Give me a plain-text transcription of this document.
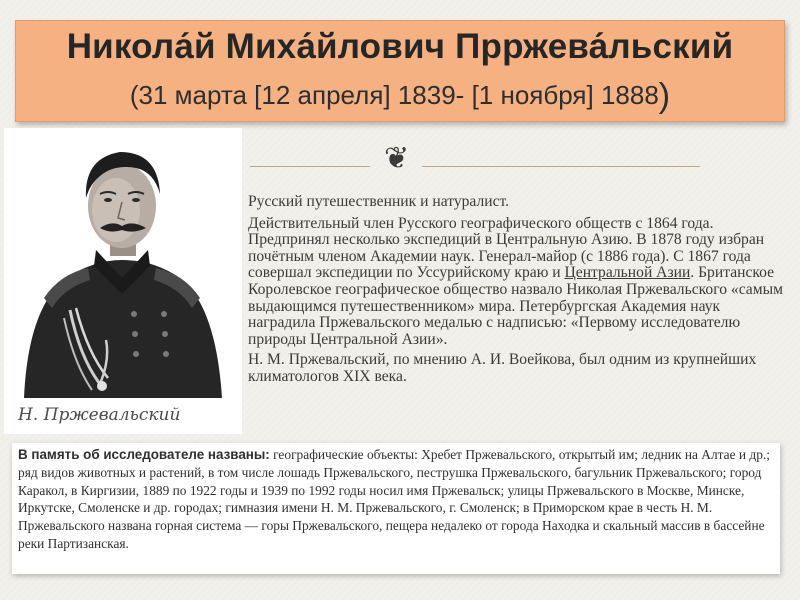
Никола́й Миха́йлович Прржева́льский
(31 марта [12 апреля] 1839- [1 ноября] 1888)
Н. Пржевальский
❦

Русский путешественник и натуралист.

Действительный член Русского географического обществ с 1864 года. Предпринял несколько экспедиций в Центральную Азию. В 1878 году избран почётным членом Академии наук. Генерал-майор (с 1886 года). С 1867 года совершал экспедиции по Уссурийскому краю и Центральной Азии. Британское Королевское географическое общество назвало Николая Пржевальского «самым выдающимся путешественником» мира. Петербургская Академия наук наградила Пржевальского медалью с надписью: «Первому исследователю природы Центральной Азии».

Н. М. Пржевальский, по мнению А. И. Воейкова, был одним из крупнейших климатологов XIX века.

В память об исследователе названы: географические объекты: Хребет Пржевальского, открытый им; ледник на Алтае и др.; ряд видов животных и растений, в том числе лошадь Пржевальского, пеструшка Пржевальского, багульник Пржевальского; город Каракол, в Киргизии, 1889 по 1922 годы и 1939 по 1992 годы носил имя Пржевальск; улицы Пржевальского в Москве, Минске, Иркутске, Смоленске и др. городах; гимназия имени Н. М. Пржевальского, г. Смоленск; в Приморском крае в честь Н. М. Пржевальского названа горная система — горы Пржевальского, пещера недалеко от города Находка и скальный массив в бассейне реки Партизанская.
